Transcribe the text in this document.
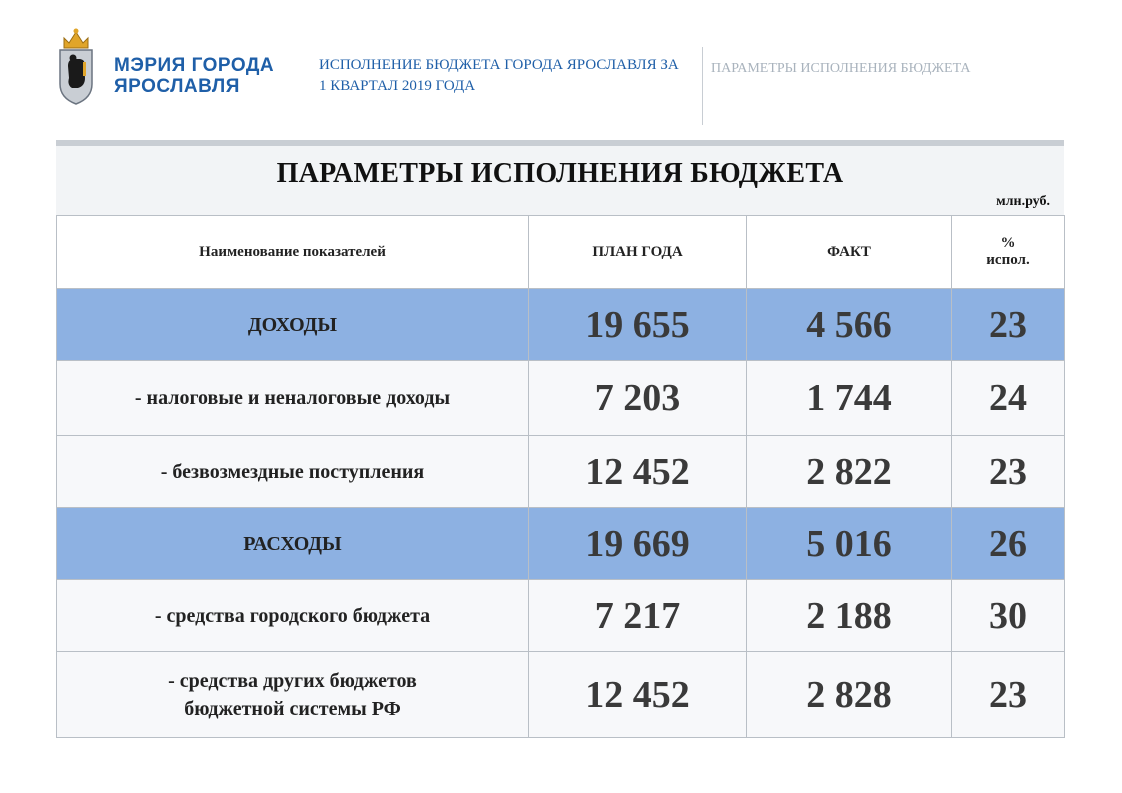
МЭРИЯ ГОРОДА
ЯРОСЛАВЛЯ
ИСПОЛНЕНИЕ БЮДЖЕТА ГОРОДА ЯРОСЛАВЛЯ ЗА 1 КВАРТАЛ 2019 ГОДА
ПАРАМЕТРЫ ИСПОЛНЕНИЯ БЮДЖЕТА
ПАРАМЕТРЫ ИСПОЛНЕНИЯ БЮДЖЕТА
млн.руб.
Наименование показателей	ПЛАН ГОДА	ФАКТ	%
испол.

ДОХОДЫ	19 655	4 566	23
- налоговые и неналоговые доходы	7 203	1 744	24
- безвозмездные поступления	12 452	2 822	23
РАСХОДЫ	19 669	5 016	26
- средства городского бюджета	7 217	2 188	30

- средства других бюджетов
бюджетной системы РФ	12 452	2 828	23
